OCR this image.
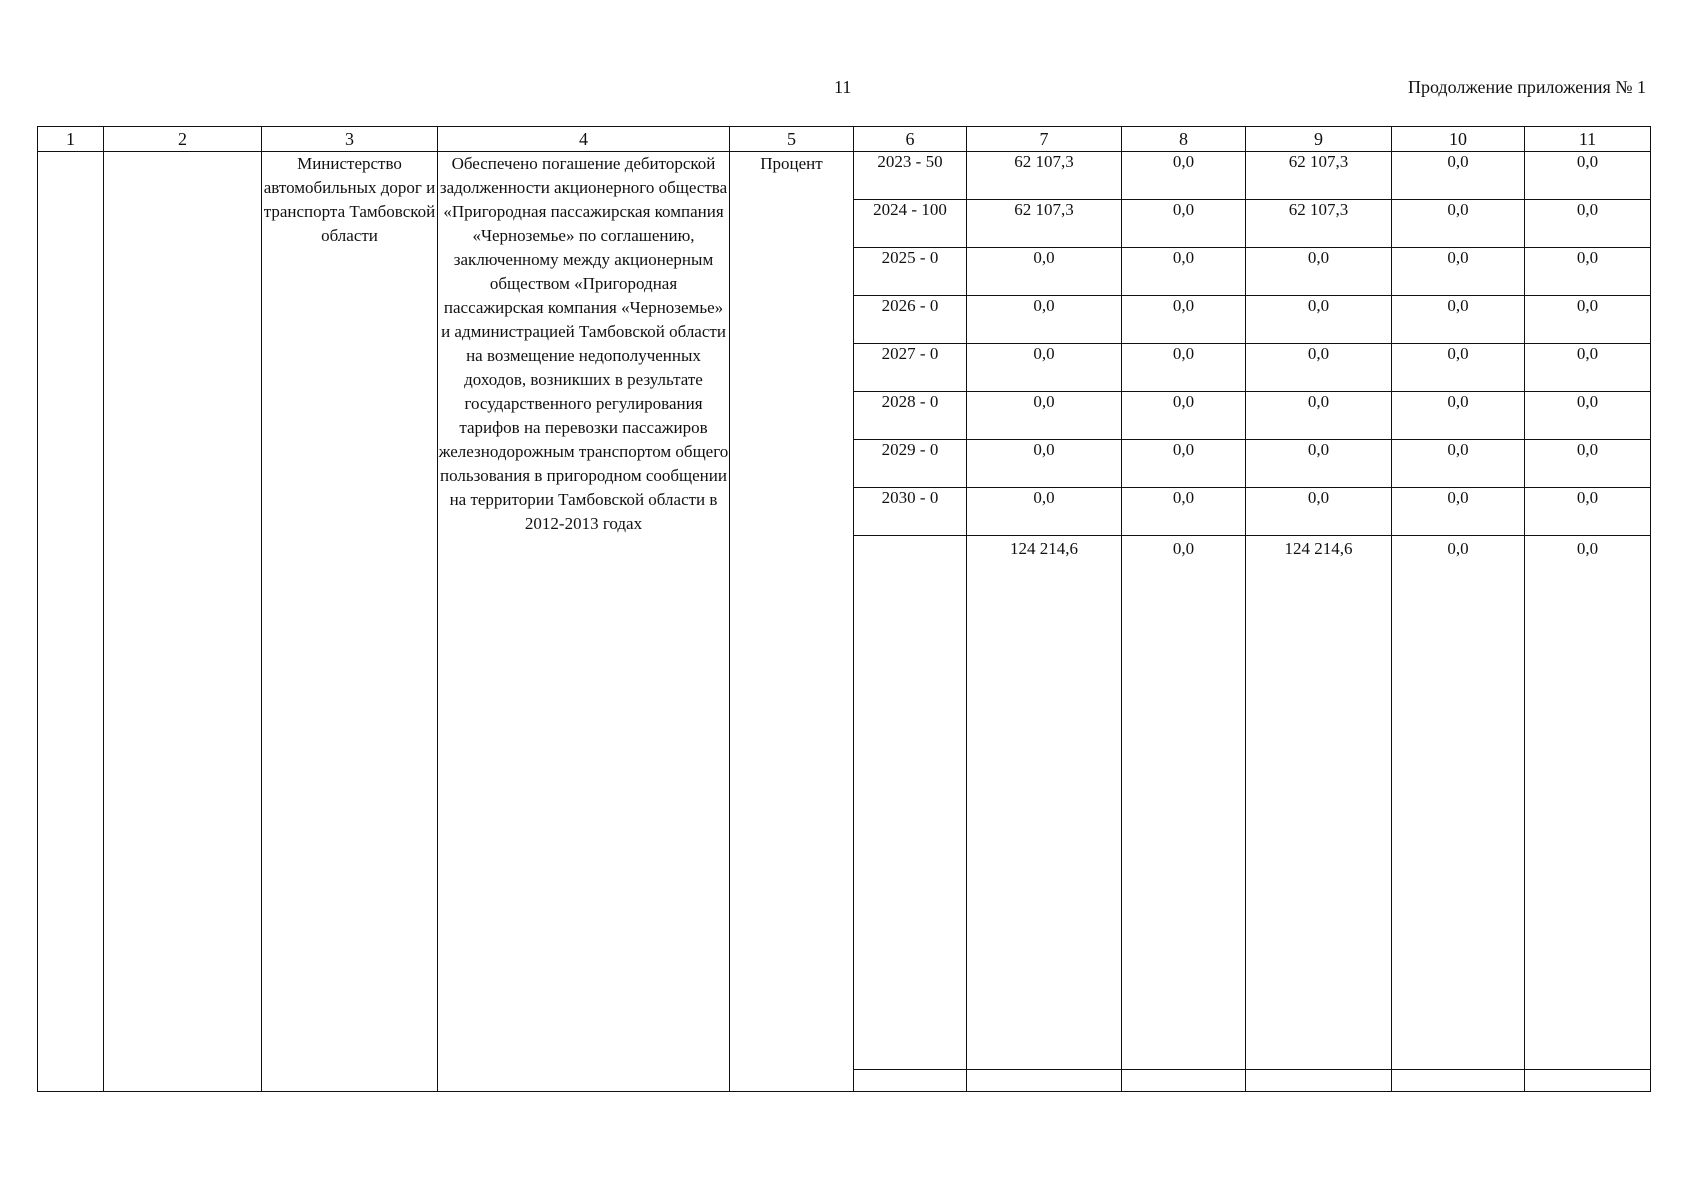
11	Продолжение приложения № 1
1	2	3	4	5	6	7	8	9	10	11
		Министерство автомобильных дорог и транспорта Тамбовской области	Обеспечено погашение дебиторской задолженности акционерного общества «Пригородная пассажирская компания «Черноземье» по соглашению, заключенному между акционерным обществом «Пригородная пассажирская компания «Черноземье» и администрацией Тамбовской области на возмещение недополученных доходов, возникших в результате государственного регулирования тарифов на перевозки пассажиров железнодорожным транспортом общего пользования в пригородном сообщении на территории Тамбовской области в 2012-2013 годах	Процент	2023 - 50	62 107,3	0,0	62 107,3	0,0	0,0
					2024 - 100	62 107,3	0,0	62 107,3	0,0	0,0
					2025 - 0	0,0	0,0	0,0	0,0	0,0
					2026 - 0	0,0	0,0	0,0	0,0	0,0
					2027 - 0	0,0	0,0	0,0	0,0	0,0
					2028 - 0	0,0	0,0	0,0	0,0	0,0
					2029 - 0	0,0	0,0	0,0	0,0	0,0
					2030 - 0	0,0	0,0	0,0	0,0	0,0
						124 214,6	0,0	124 214,6	0,0	0,0
